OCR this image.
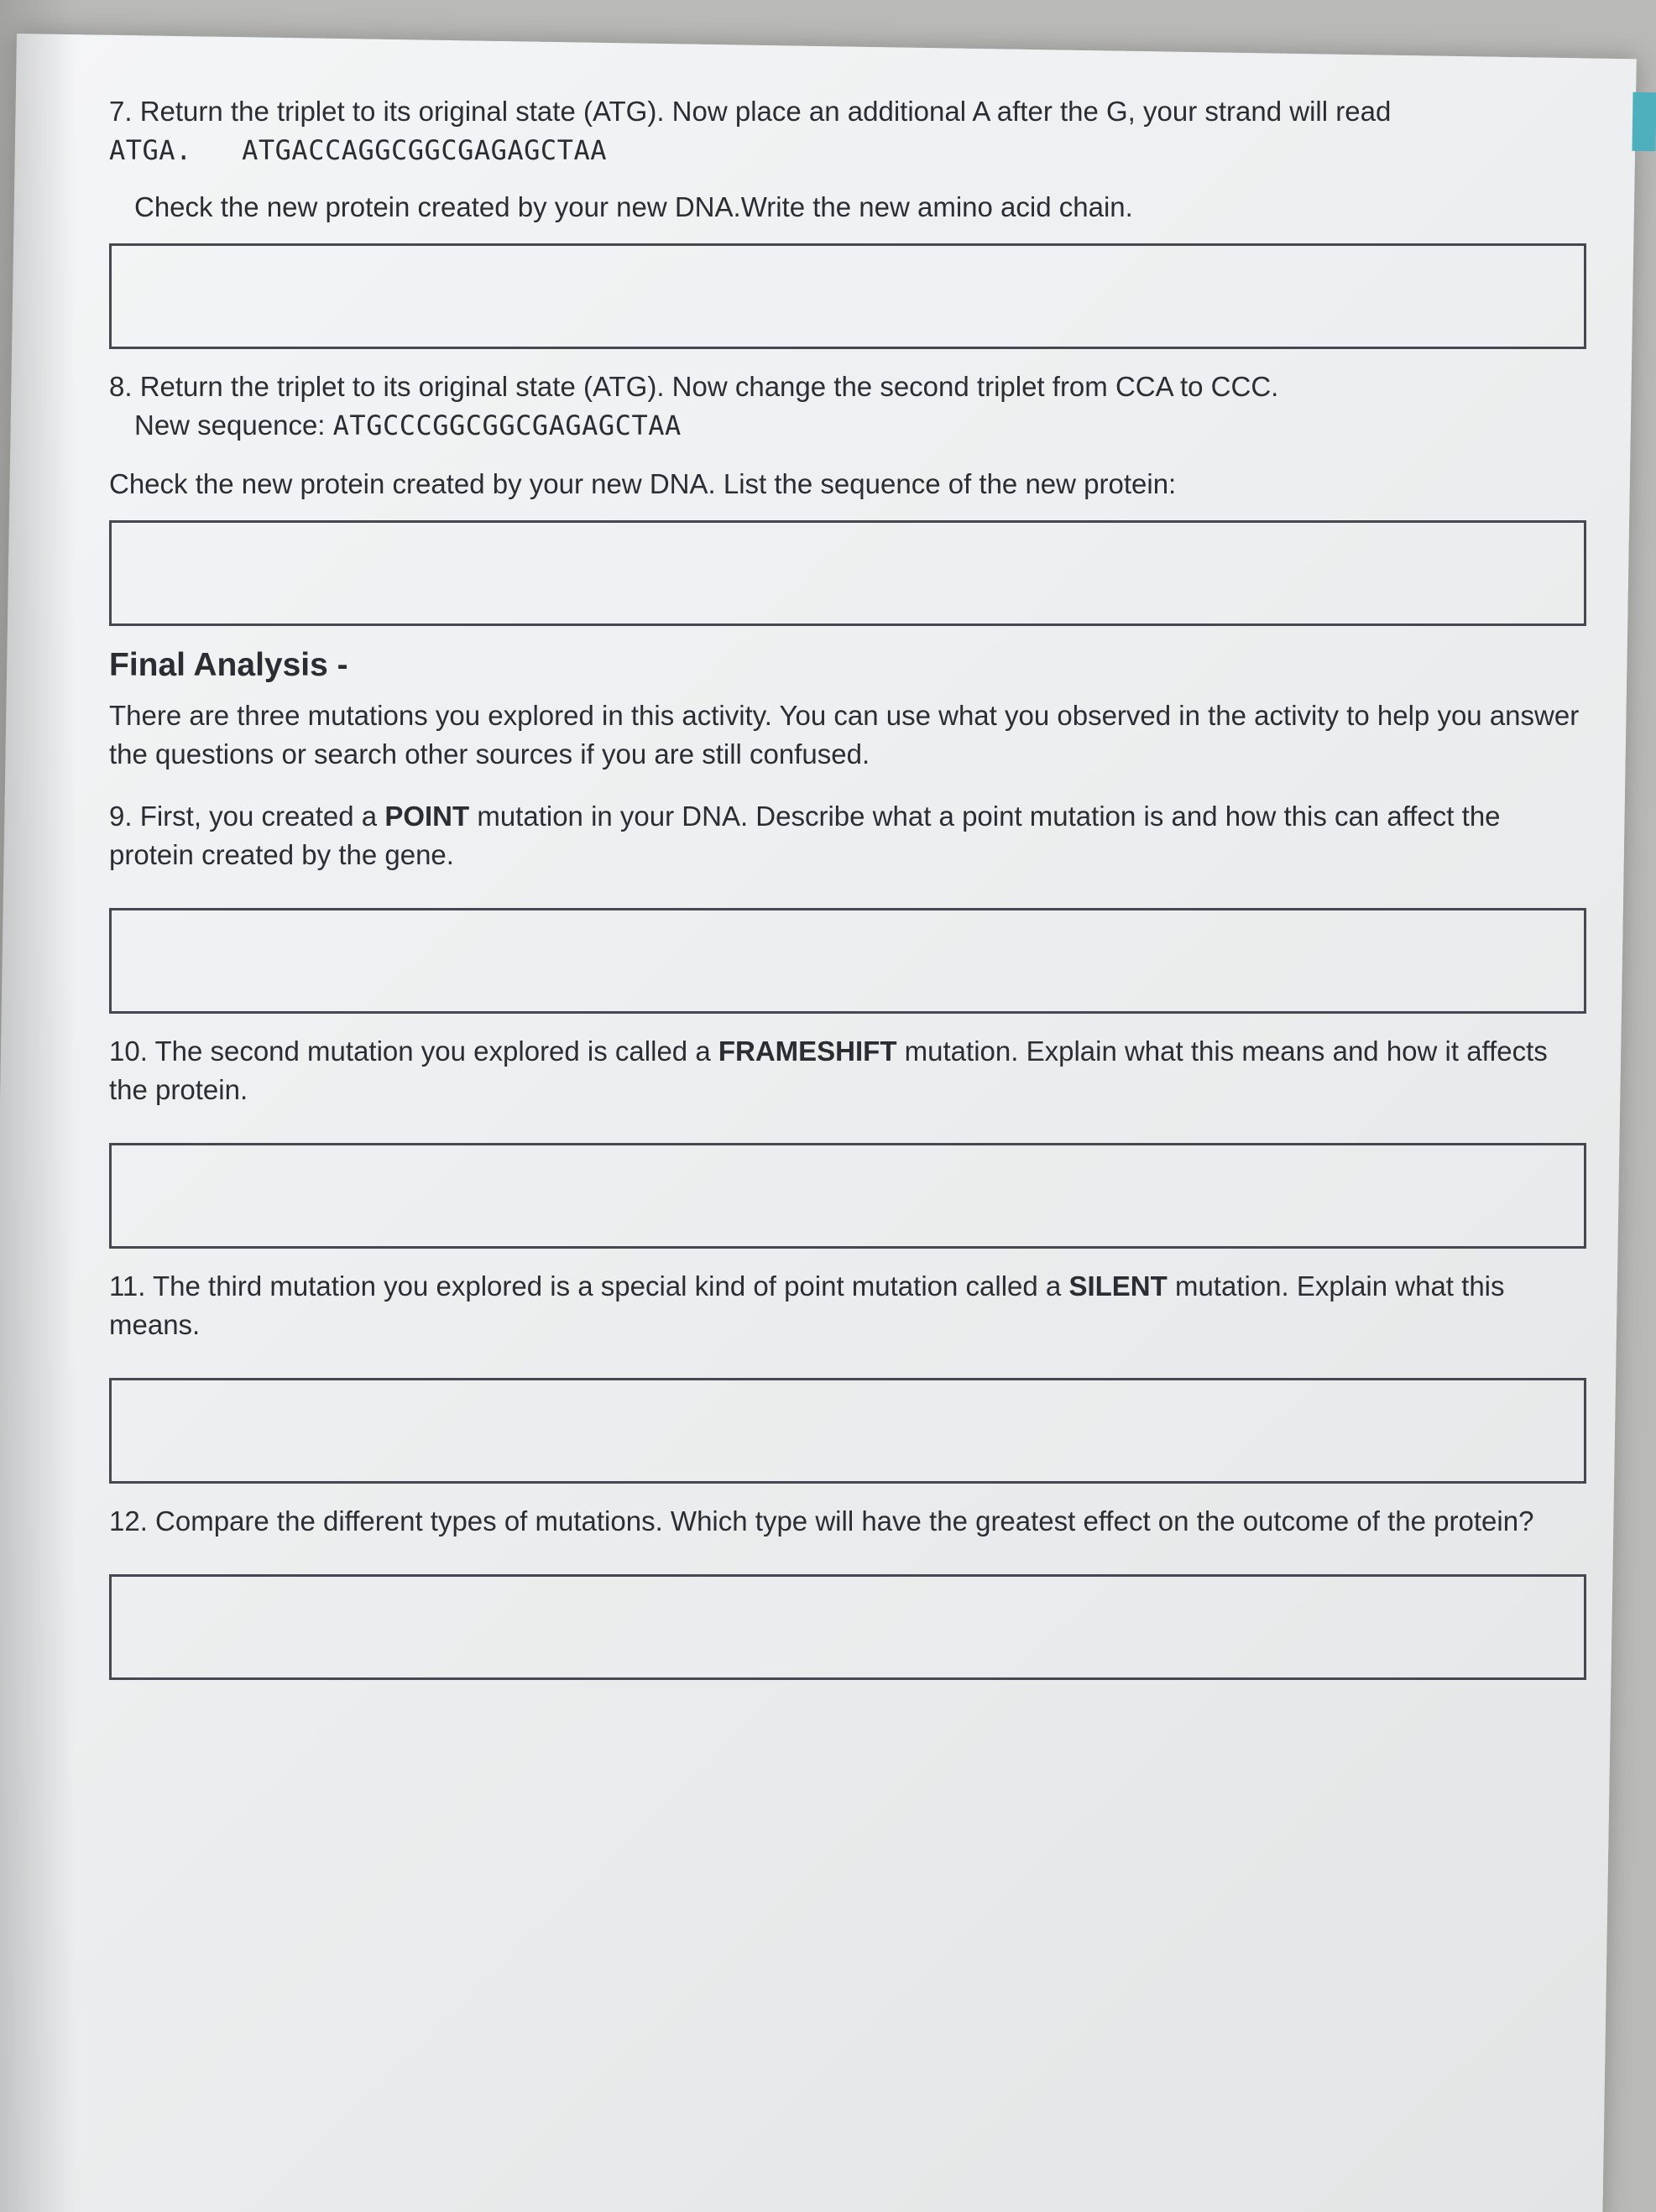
7. Return the triplet to its original state (ATG). Now place an additional A after the G, your strand will read

ATGA. ATGACCAGGCGGCGAGAGCTAA

Check the new protein created by your new DNA.Write the new amino acid chain.

8. Return the triplet to its original state (ATG). Now change the second triplet from CCA to CCC.

New sequence: ATGCCCGGCGGCGAGAGCTAA

Check the new protein created by your new DNA. List the sequence of the new protein:

Final Analysis -

There are three mutations you explored in this activity. You can use what you observed in the activity to help you answer the questions or search other sources if you are still confused.

9. First, you created a POINT mutation in your DNA. Describe what a point mutation is and how this can affect the protein created by the gene.

10. The second mutation you explored is called a FRAMESHIFT mutation. Explain what this means and how it affects the protein.

11. The third mutation you explored is a special kind of point mutation called a SILENT mutation. Explain what this means.

12. Compare the different types of mutations. Which type will have the greatest effect on the outcome of the protein?
